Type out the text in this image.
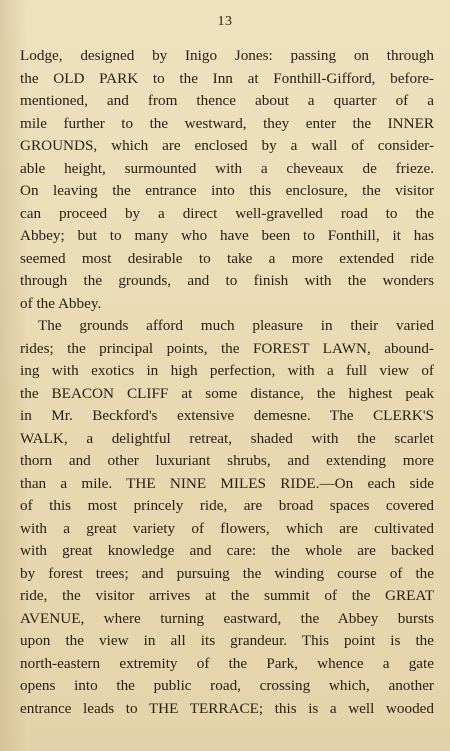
13
Lodge, designed by Inigo Jones: passing on through
the OLD PARK to the Inn at Fonthill-Gifford, before-
mentioned, and from thence about a quarter of a
mile further to the westward, they enter the INNER
GROUNDS, which are enclosed by a wall of consider-
able height, surmounted with a cheveaux de frieze.
On leaving the entrance into this enclosure, the visitor
can proceed by a direct well-gravelled road to the
Abbey; but to many who have been to Fonthill, it has
seemed most desirable to take a more extended ride
through the grounds, and to finish with the wonders
of the Abbey.
The grounds afford much pleasure in their varied
rides; the principal points, the FOREST LAWN, abound-
ing with exotics in high perfection, with a full view of
the BEACON CLIFF at some distance, the highest peak
in Mr. Beckford's extensive demesne. The CLERK'S
WALK, a delightful retreat, shaded with the scarlet
thorn and other luxuriant shrubs, and extending more
than a mile. THE NINE MILES RIDE.—On each side
of this most princely ride, are broad spaces covered
with a great variety of flowers, which are cultivated
with great knowledge and care: the whole are backed
by forest trees; and pursuing the winding course of the
ride, the visitor arrives at the summit of the GREAT
AVENUE, where turning eastward, the Abbey bursts
upon the view in all its grandeur. This point is the
north-eastern extremity of the Park, whence a gate
opens into the public road, crossing which, another
entrance leads to THE TERRACE; this is a well wooded
